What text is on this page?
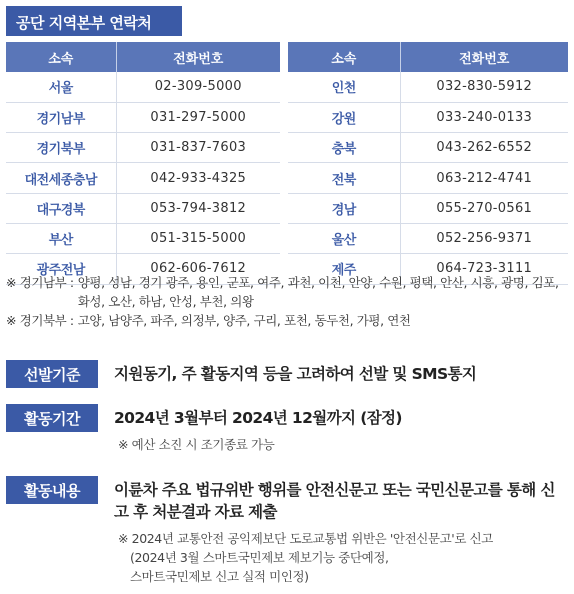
공단 지역본부 연락처
소속	전화번호
서울	02-309-5000
경기남부	031-297-5000
경기북부	031-837-7603
대전세종충남	042-933-4325
대구경북	053-794-3812
부산	051-315-5000
광주전남	062-606-7612
소속	전화번호
인천	032-830-5912
강원	033-240-0133
충북	043-262-6552
전북	063-212-4741
경남	055-270-0561
울산	052-256-9371
제주	064-723-3111
※ 경기남부 : 양평, 성남, 경기 광주, 용인, 군포, 여주, 과천, 이천, 안양, 수원, 평택, 안산, 시흥, 광명, 김포, 화성, 오산, 하남, 안성, 부천, 의왕
※ 경기북부 : 고양, 남양주, 파주, 의정부, 양주, 구리, 포천, 동두천, 가평, 연천
선발기준	지원동기, 주 활동지역 등을 고려하여 선발 및 SMS통지
활동기간	2024년 3월부터 2024년 12월까지 (잠정)
※ 예산 소진 시 조기종료 가능
활동내용	이륜차 주요 법규위반 행위를 안전신문고 또는 국민신문고를 통해 신고 후 처분결과 자료 제출
※ 2024년 교통안전 공익제보단 도로교통법 위반은 '안전신문고'로 신고
(2024년 3월 스마트국민제보 제보기능 중단예정,
스마트국민제보 신고 실적 미인정)
